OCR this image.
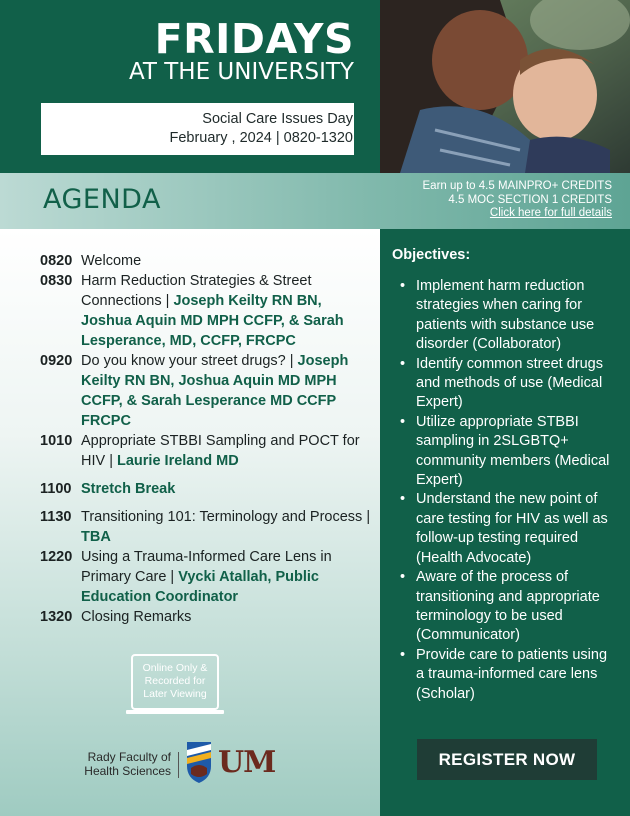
FRIDAYS
AT THE UNIVERSITY
Social Care Issues Day
February , 2024 | 0820-1320
AGENDA	Earn up to 4.5 MAINPRO+ CREDITS
4.5 MOC SECTION 1 CREDITS
Click here for full details
0820 Welcome
0830 Harm Reduction Strategies & Street Connections | Joseph Keilty RN BN, Joshua Aquin MD MPH CCFP, & Sarah Lesperance, MD, CCFP, FRCPC
0920 Do you know your street drugs? | Joseph Keilty RN BN, Joshua Aquin MD MPH CCFP, & Sarah Lesperance MD CCFP FRCPC
1010 Appropriate STBBI Sampling and POCT for HIV | Laurie Ireland MD
1100 Stretch Break
1130 Transitioning 101: Terminology and Process | TBA
1220 Using a Trauma-Informed Care Lens in Primary Care | Vycki Atallah, Public Education Coordinator
1320 Closing Remarks
Online Only &
Recorded for
Later Viewing
Rady Faculty of
Health Sciences UM
Objectives:
• Implement harm reduction strategies when caring for patients with substance use disorder (Collaborator)
• Identify common street drugs and methods of use (Medical Expert)
• Utilize appropriate STBBI sampling in 2SLGBTQ+ community members (Medical Expert)
• Understand the new point of care testing for HIV as well as follow-up testing required (Health Advocate)
• Aware of the process of transitioning and appropriate terminology to be used (Communicator)
• Provide care to patients using a trauma-informed care lens (Scholar)
REGISTER NOW
